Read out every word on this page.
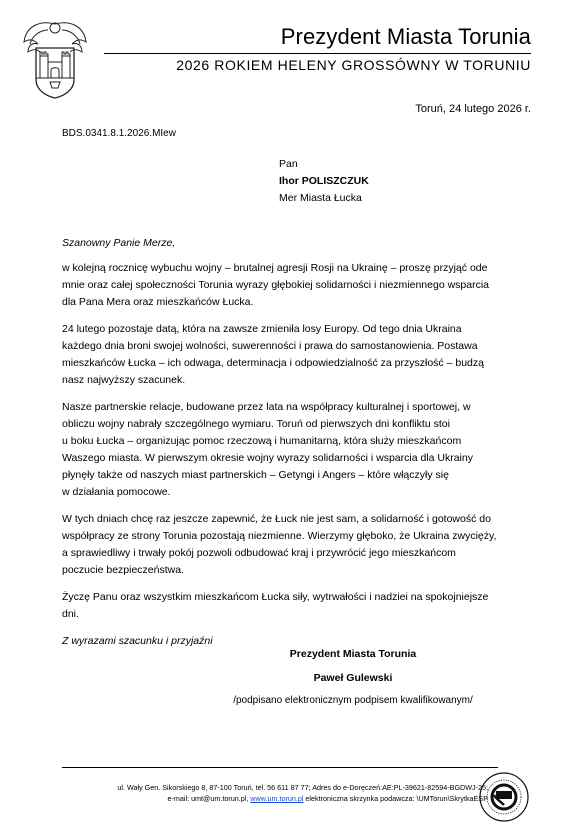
Prezydent Miasta Torunia
2026 ROKIEM HELENY GROSSÓWNY W TORUNIU
Toruń, 24 lutego 2026 r.
BDS.0341.8.1.2026.MIew
Pan
Ihor POLISZCZUK
Mer Miasta Łucka
Szanowny Panie Merze,

w kolejną rocznicę wybuchu wojny – brutalnej agresji Rosji na Ukrainę – proszę przyjąć ode
mnie oraz całej społeczności Torunia wyrazy głębokiej solidarności i niezmiennego wsparcia
dla Pana Mera oraz mieszkańców Łucka.

24 lutego pozostaje datą, która na zawsze zmieniła losy Europy. Od tego dnia Ukraina
każdego dnia broni swojej wolności, suwerenności i prawa do samostanowienia. Postawa
mieszkańców Łucka – ich odwaga, determinacja i odpowiedzialność za przyszłość – budzą
nasz najwyższy szacunek.

Nasze partnerskie relacje, budowane przez lata na współpracy kulturalnej i sportowej, w
obliczu wojny nabrały szczególnego wymiaru. Toruń od pierwszych dni konfliktu stoi
u boku Łucka – organizując pomoc rzeczową i humanitarną, która służy mieszkańcom
Waszego miasta. W pierwszym okresie wojny wyrazy solidarności i wsparcia dla Ukrainy
płynęły także od naszych miast partnerskich – Getyngi i Angers – które włączyły się
w działania pomocowe.

W tych dniach chcę raz jeszcze zapewnić, że Łuck nie jest sam, a solidarność i gotowość do
współpracy ze strony Torunia pozostają niezmienne. Wierzymy głęboko, że Ukraina zwycięży,
a sprawiedliwy i trwały pokój pozwoli odbudować kraj i przywrócić jego mieszkańcom
poczucie bezpieczeństwa.

Życzę Panu oraz wszystkim mieszkańcom Łucka siły, wytrwałości i nadziei na spokojniejsze
dni.

Z wyrazami szacunku i przyjaźni
Prezydent Miasta Torunia
Paweł Gulewski
/podpisano elektronicznym podpisem kwalifikowanym/
ul. Wały Gen. Sikorskiego 8, 87-100 Toruń, tel. 56 611 87 77; Adres do e-Doręczeń:AE:PL-39621-82594-BGDWJ-25;
e-mail: umt@um.torun.pl, www.um.torun.pl elektroniczna skrzynka podawcza: \UMTorun\SkrytkaESP
